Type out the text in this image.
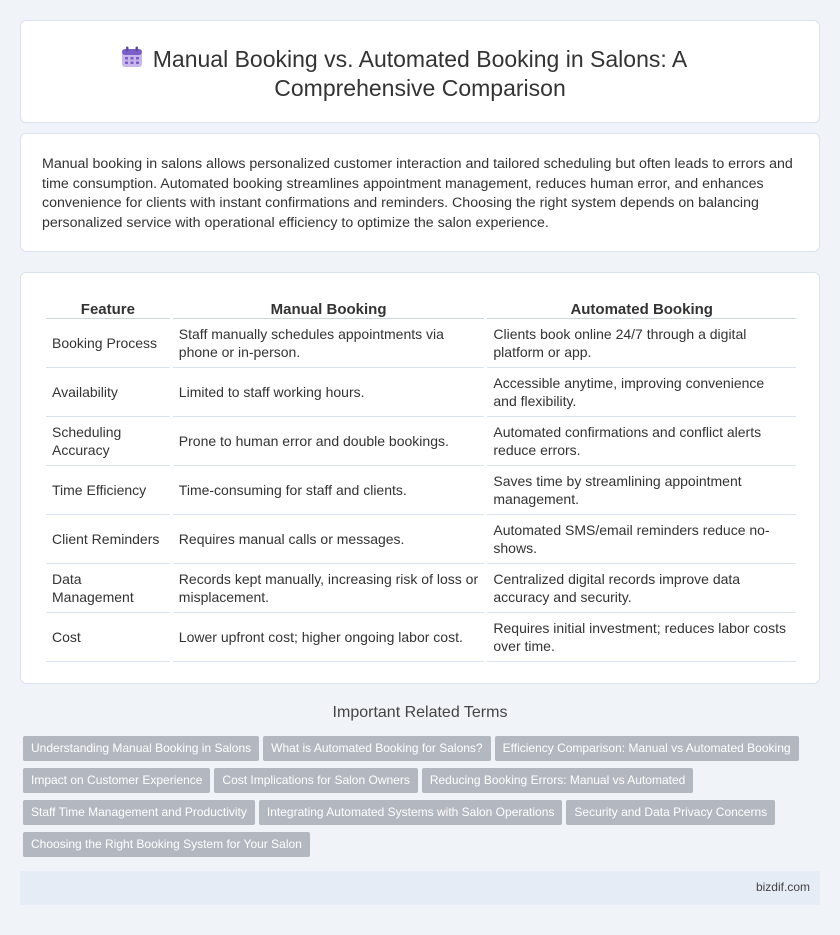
Manual Booking vs. Automated Booking in Salons: A Comprehensive Comparison

Manual booking in salons allows personalized customer interaction and tailored scheduling but often leads to errors and time consumption. Automated booking streamlines appointment management, reduces human error, and enhances convenience for clients with instant confirmations and reminders. Choosing the right system depends on balancing personalized service with operational efficiency to optimize the salon experience.

Feature	Manual Booking	Automated Booking
Booking Process	Staff manually schedules appointments via phone or in-person.	Clients book online 24/7 through a digital platform or app.
Availability	Limited to staff working hours.	Accessible anytime, improving convenience and flexibility.
Scheduling Accuracy	Prone to human error and double bookings.	Automated confirmations and conflict alerts reduce errors.
Time Efficiency	Time-consuming for staff and clients.	Saves time by streamlining appointment management.
Client Reminders	Requires manual calls or messages.	Automated SMS/email reminders reduce no-shows.
Data Management	Records kept manually, increasing risk of loss or misplacement.	Centralized digital records improve data accuracy and security.
Cost	Lower upfront cost; higher ongoing labor cost.	Requires initial investment; reduces labor costs over time.
Important Related Terms
Understanding Manual Booking in Salons What is Automated Booking for Salons? Efficiency Comparison: Manual vs Automated Booking
Impact on Customer Experience Cost Implications for Salon Owners Reducing Booking Errors: Manual vs Automated
Staff Time Management and Productivity Integrating Automated Systems with Salon Operations Security and Data Privacy Concerns
Choosing the Right Booking System for Your Salon
bizdif.com
